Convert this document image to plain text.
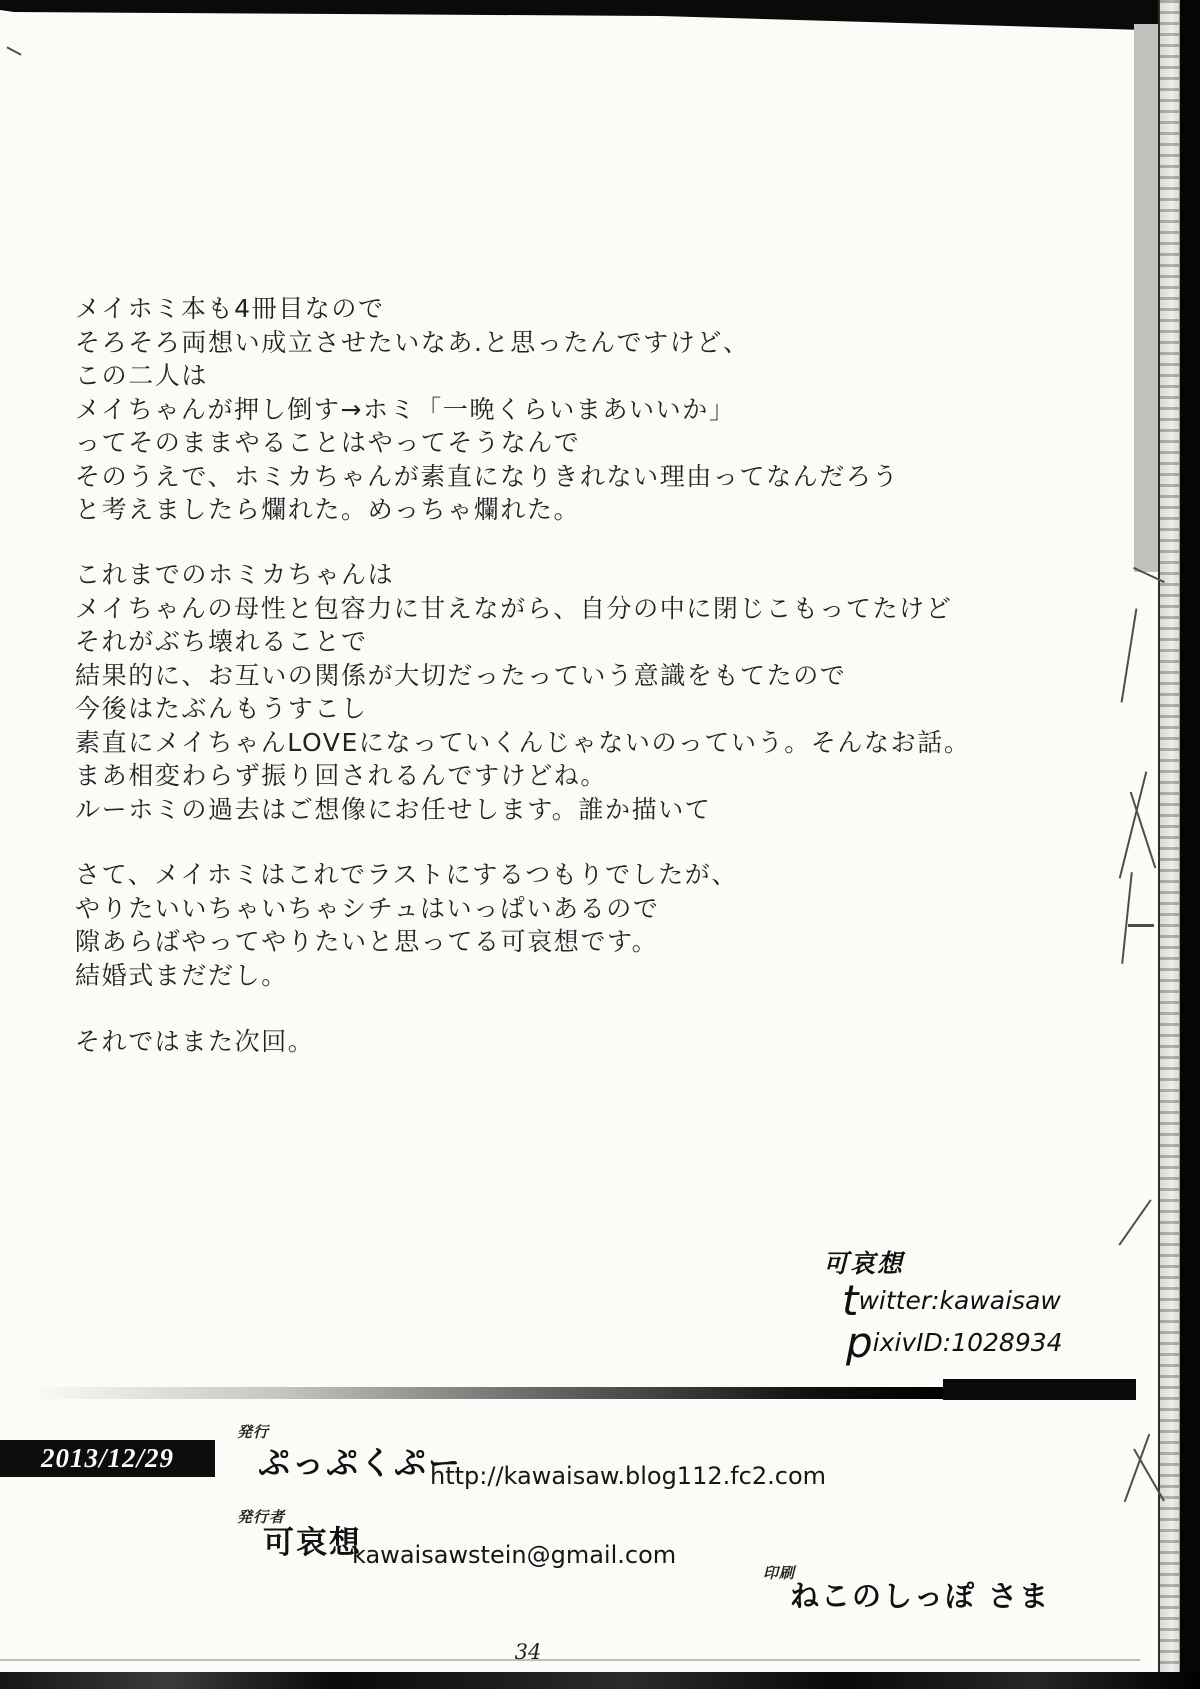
メイホミ本も4冊目なので
そろそろ両想い成立させたいなあ.と思ったんですけど、
この二人は
メイちゃんが押し倒す→ホミ「一晩くらいまあいいか」
ってそのままやることはやってそうなんで
そのうえで、ホミカちゃんが素直になりきれない理由ってなんだろう
と考えましたら爛れた。めっちゃ爛れた。
これまでのホミカちゃんは
メイちゃんの母性と包容力に甘えながら、自分の中に閉じこもってたけど
それがぶち壊れることで
結果的に、お互いの関係が大切だったっていう意識をもてたので
今後はたぶんもうすこし
素直にメイちゃんLOVEになっていくんじゃないのっていう。そんなお話。
まあ相変わらず振り回されるんですけどね。
ルーホミの過去はご想像にお任せします。誰か描いて
さて、メイホミはこれでラストにするつもりでしたが、
やりたいいちゃいちゃシチュはいっぱいあるので
隙あらばやってやりたいと思ってる可哀想です。
結婚式まだだし。
それではまた次回。
可哀想
twitter:kawaisaw
pixivID:1028934
2013/12/29
発行
ぷっぷくぷー
http://kawaisaw.blog112.fc2.com
発行者
可哀想
kawaisawstein@gmail.com
印刷
ねこのしっぽ さま
34
